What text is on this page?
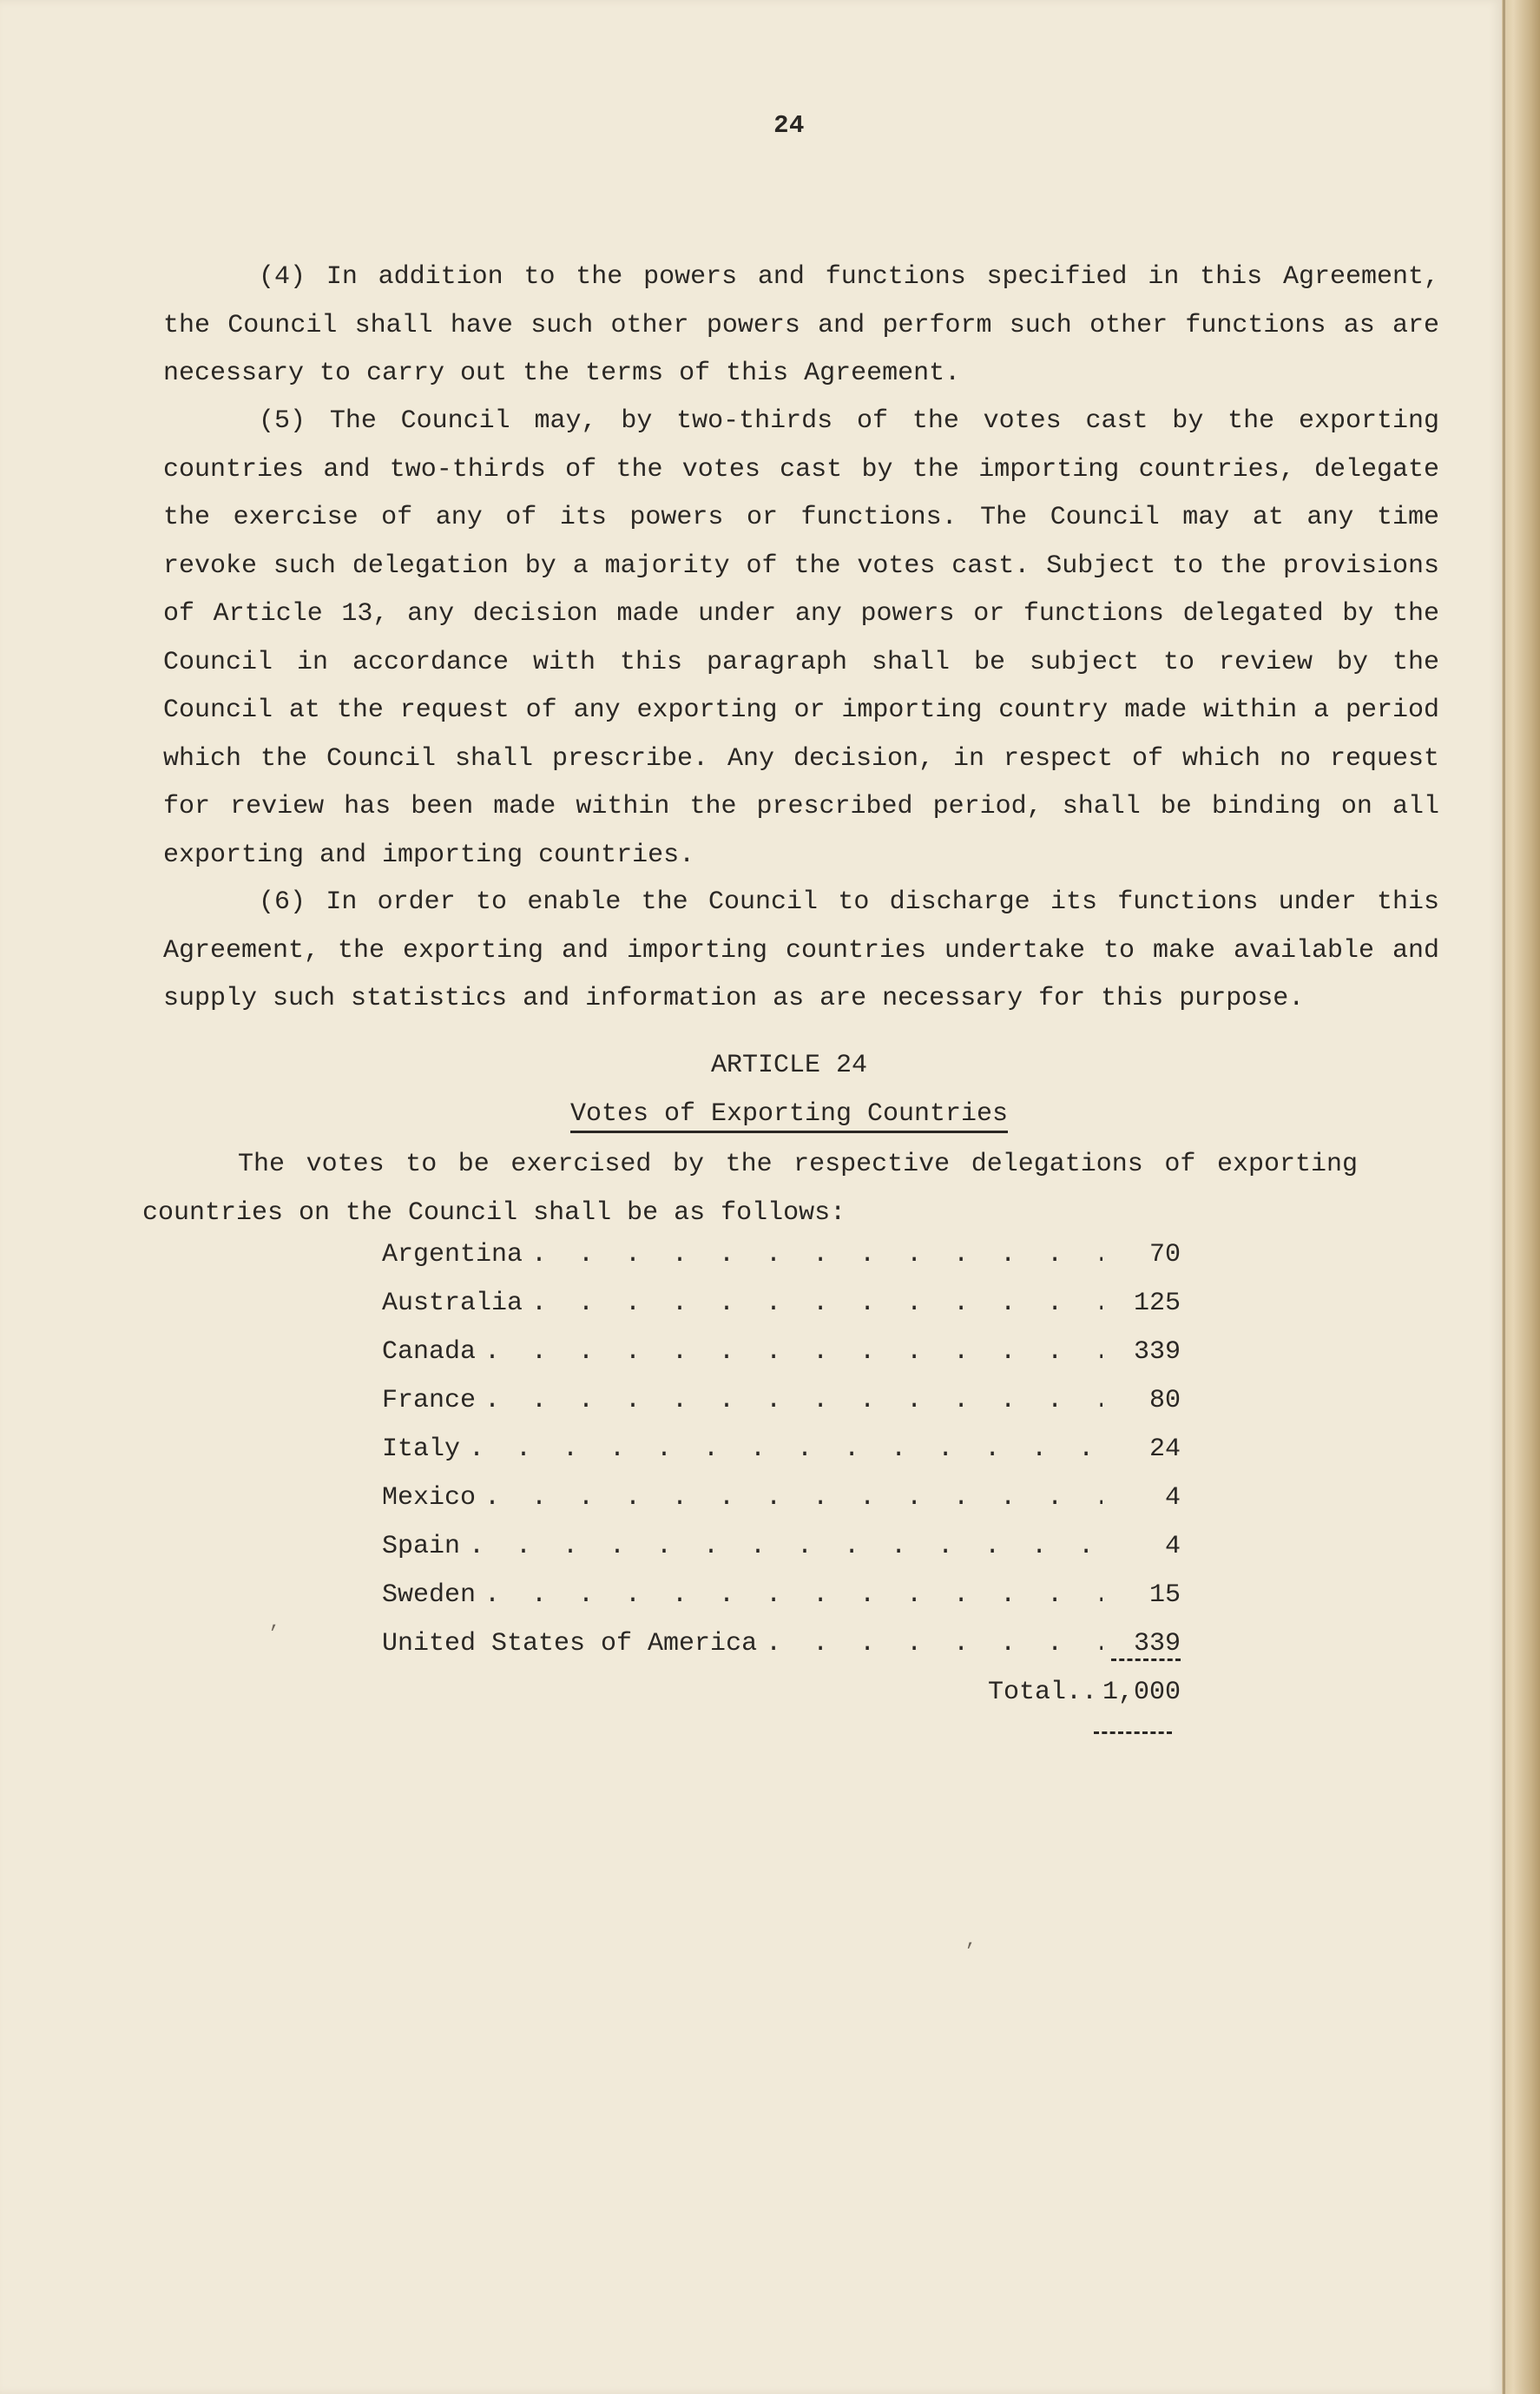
24

(4) In addition to the powers and functions specified in this Agreement, the Council shall have such other powers and perform such other functions as are necessary to carry out the terms of this Agreement.

(5) The Council may, by two-thirds of the votes cast by the exporting countries and two-thirds of the votes cast by the importing countries, delegate the exercise of any of its powers or functions. The Council may at any time revoke such delegation by a majority of the votes cast. Subject to the provisions of Article 13, any decision made under any powers or functions delegated by the Council in accordance with this paragraph shall be subject to review by the Council at the request of any exporting or importing country made within a period which the Council shall prescribe. Any decision, in respect of which no request for review has been made within the prescribed period, shall be binding on all exporting and importing countries.

(6) In order to enable the Council to discharge its functions under this Agreement, the exporting and importing countries undertake to make available and supply such statistics and information as are necessary for this purpose.

ARTICLE 24
Votes of Exporting Countries

The votes to be exercised by the respective delegations of exporting countries on the Council shall be as follows:

Argentina . . .	70
Australia . . .	125
Canada . . .	339
France . . .	80
Italy . . .	24
Mexico . . .	4
Spain . . .	4
Sweden . . .	15
United States of America . . .	339
Total.. 1,000
,
,
